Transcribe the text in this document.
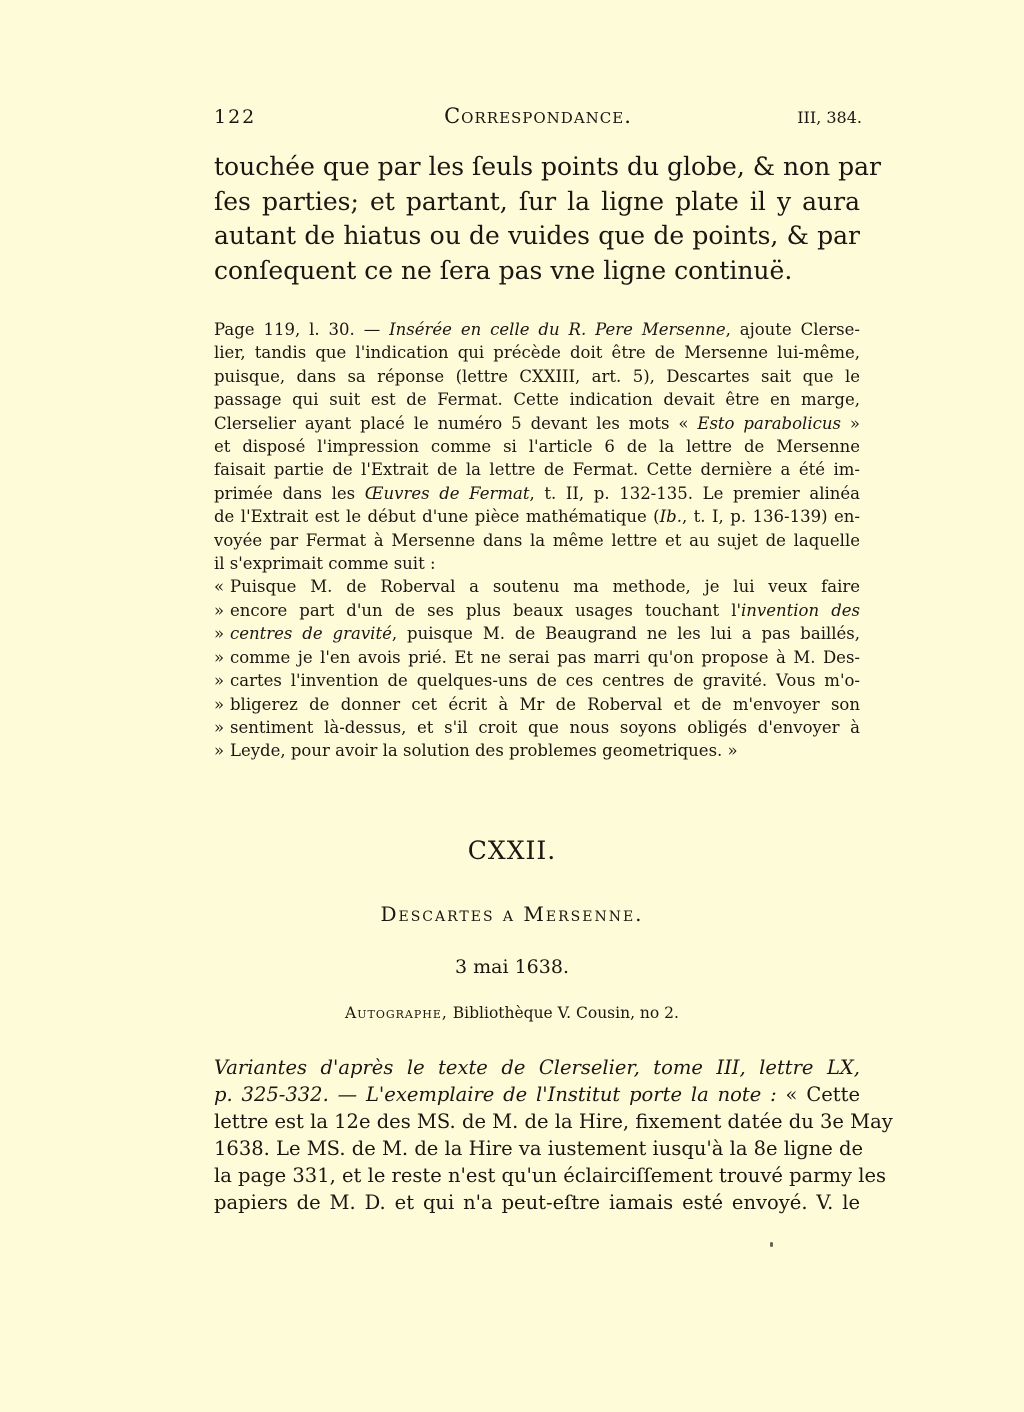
122	Correspondance.	III, 384.
touchée que par les ſeuls points du globe, & non par
ſes parties; et partant, ſur la ligne plate il y aura
autant de hiatus ou de vuides que de points, & par
conſequent ce ne ſera pas vne ligne continuë.
Page 119, l. 30. — Insérée en celle du R. Pere Mersenne, ajoute Clerse-
lier, tandis que l'indication qui précède doit être de Mersenne lui-même,
puisque, dans sa réponse (lettre CXXIII, art. 5), Descartes sait que le
passage qui suit est de Fermat. Cette indication devait être en marge,
Clerselier ayant placé le numéro 5 devant les mots « Esto parabolicus »
et disposé l'impression comme si l'article 6 de la lettre de Mersenne
faisait partie de l'Extrait de la lettre de Fermat. Cette dernière a été im-
primée dans les Œuvres de Fermat, t. II, p. 132-135. Le premier alinéa
de l'Extrait est le début d'une pièce mathématique (Ib., t. I, p. 136-139) en-
voyée par Fermat à Mersenne dans la même lettre et au sujet de laquelle
il s'exprimait comme suit :
« Puisque M. de Roberval a soutenu ma methode, je lui veux faire
» encore part d'un de ses plus beaux usages touchant l'invention des
» centres de gravité, puisque M. de Beaugrand ne les lui a pas baillés,
» comme je l'en avois prié. Et ne serai pas marri qu'on propose à M. Des-
» cartes l'invention de quelques-uns de ces centres de gravité. Vous m'o-
» bligerez de donner cet écrit à Mr de Roberval et de m'envoyer son
» sentiment là-dessus, et s'il croit que nous soyons obligés d'envoyer à
» Leyde, pour avoir la solution des problemes geometriques. »
CXXII.
Descartes a Mersenne.
3 mai 1638.
Autographe, Bibliothèque V. Cousin, no 2.
Variantes d'après le texte de Clerselier, tome III, lettre LX,
p. 325-332. — L'exemplaire de l'Institut porte la note : « Cette
lettre est la 12e des MS. de M. de la Hire, fixement datée du 3e May
1638. Le MS. de M. de la Hire va iustement iusqu'à la 8e ligne de
la page 331, et le reste n'est qu'un éclairciſſement trouvé parmy les
papiers de M. D. et qui n'a peut-eſtre iamais esté envoyé. V. le
